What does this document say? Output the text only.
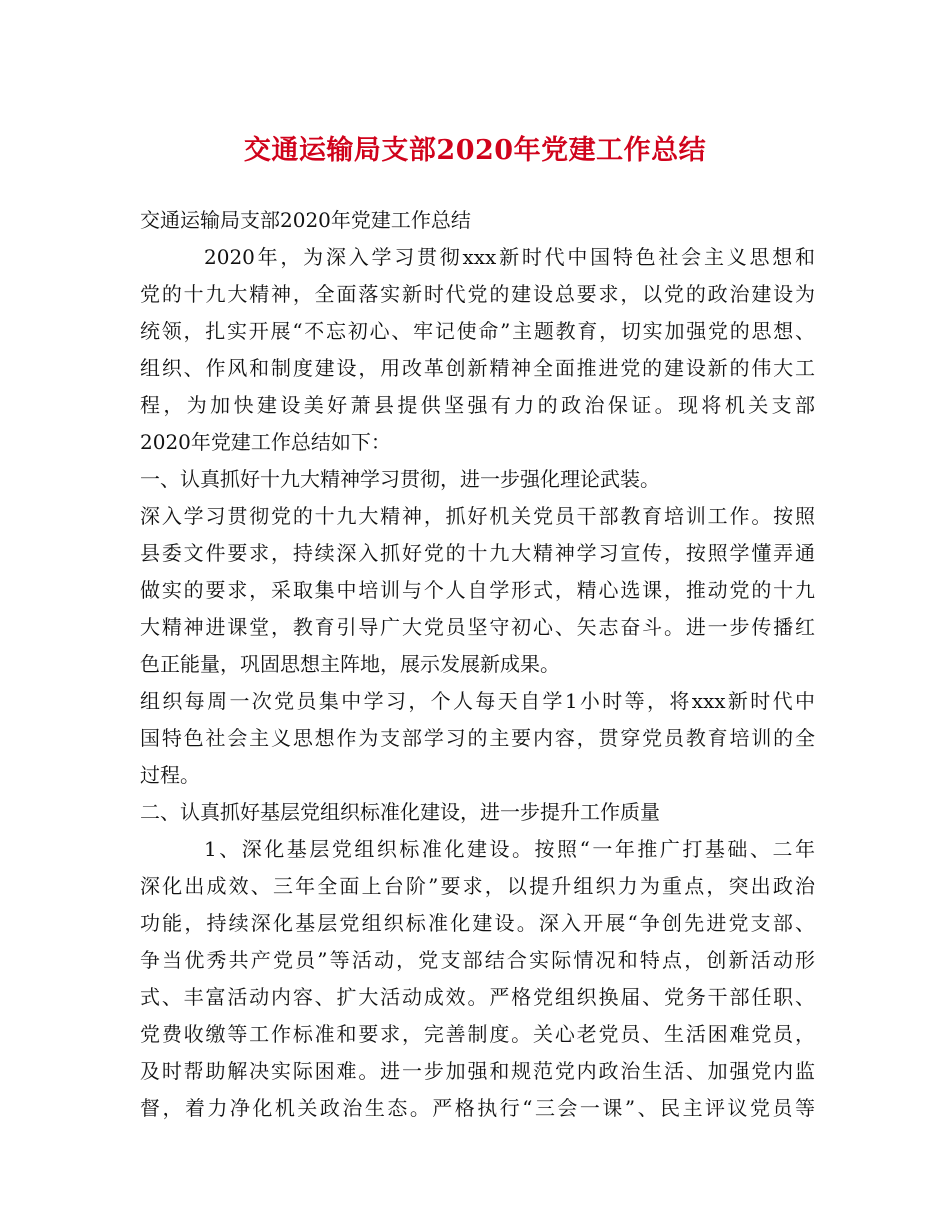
交通运输局支部2020年党建工作总结
交通运输局支部2020年党建工作总结
2020年，为深入学习贯彻xxx新时代中国特色社会主义思想和
党的十九大精神，全面落实新时代党的建设总要求，以党的政治建设为
统领，扎实开展“不忘初心、牢记使命”主题教育，切实加强党的思想、
组织、作风和制度建设，用改革创新精神全面推进党的建设新的伟大工
程，为加快建设美好萧县提供坚强有力的政治保证。现将机关支部
2020年党建工作总结如下：
一、认真抓好十九大精神学习贯彻，进一步强化理论武装。
深入学习贯彻党的十九大精神，抓好机关党员干部教育培训工作。按照
县委文件要求，持续深入抓好党的十九大精神学习宣传，按照学懂弄通
做实的要求，采取集中培训与个人自学形式，精心选课，推动党的十九
大精神进课堂，教育引导广大党员坚守初心、矢志奋斗。进一步传播红
色正能量，巩固思想主阵地，展示发展新成果。
组织每周一次党员集中学习，个人每天自学1小时等，将xxx新时代中
国特色社会主义思想作为支部学习的主要内容，贯穿党员教育培训的全
过程。
二、认真抓好基层党组织标准化建设，进一步提升工作质量
1、深化基层党组织标准化建设。按照“一年推广打基础、二年
深化出成效、三年全面上台阶”要求，以提升组织力为重点，突出政治
功能，持续深化基层党组织标准化建设。深入开展“争创先进党支部、
争当优秀共产党员”等活动，党支部结合实际情况和特点，创新活动形
式、丰富活动内容、扩大活动成效。严格党组织换届、党务干部任职、
党费收缴等工作标准和要求，完善制度。关心老党员、生活困难党员，
及时帮助解决实际困难。进一步加强和规范党内政治生活、加强党内监
督，着力净化机关政治生态。严格执行“三会一课”、民主评议党员等
